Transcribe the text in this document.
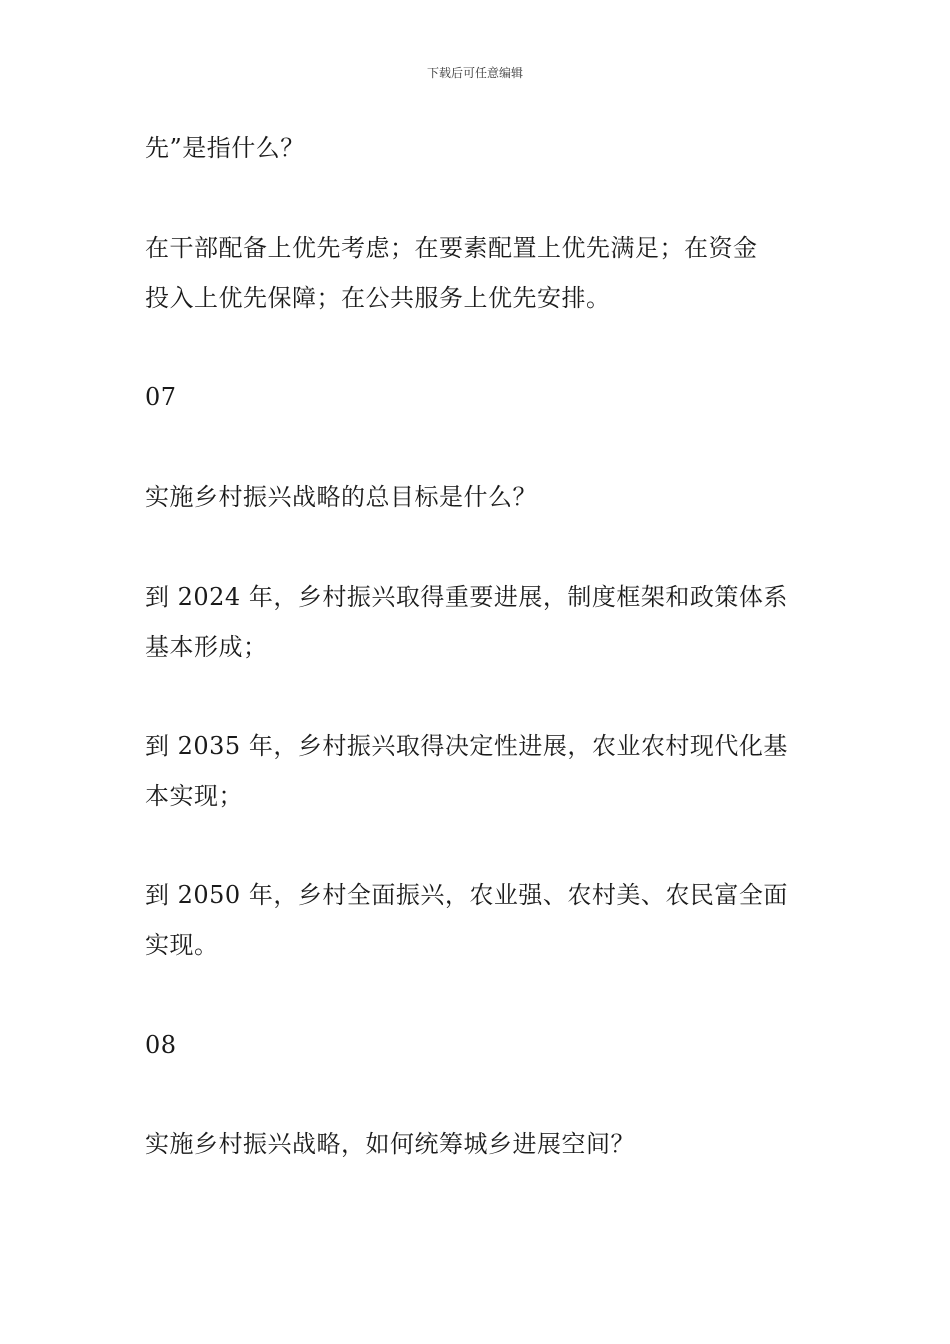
下载后可任意编辑
先”是指什么？
在干部配备上优先考虑；在要素配置上优先满足；在资金
投入上优先保障；在公共服务上优先安排。
07
实施乡村振兴战略的总目标是什么？
到 2024 年，乡村振兴取得重要进展，制度框架和政策体系
基本形成；
到 2035 年，乡村振兴取得决定性进展，农业农村现代化基
本实现；
到 2050 年，乡村全面振兴，农业强、农村美、农民富全面
实现。
08
实施乡村振兴战略，如何统筹城乡进展空间？
